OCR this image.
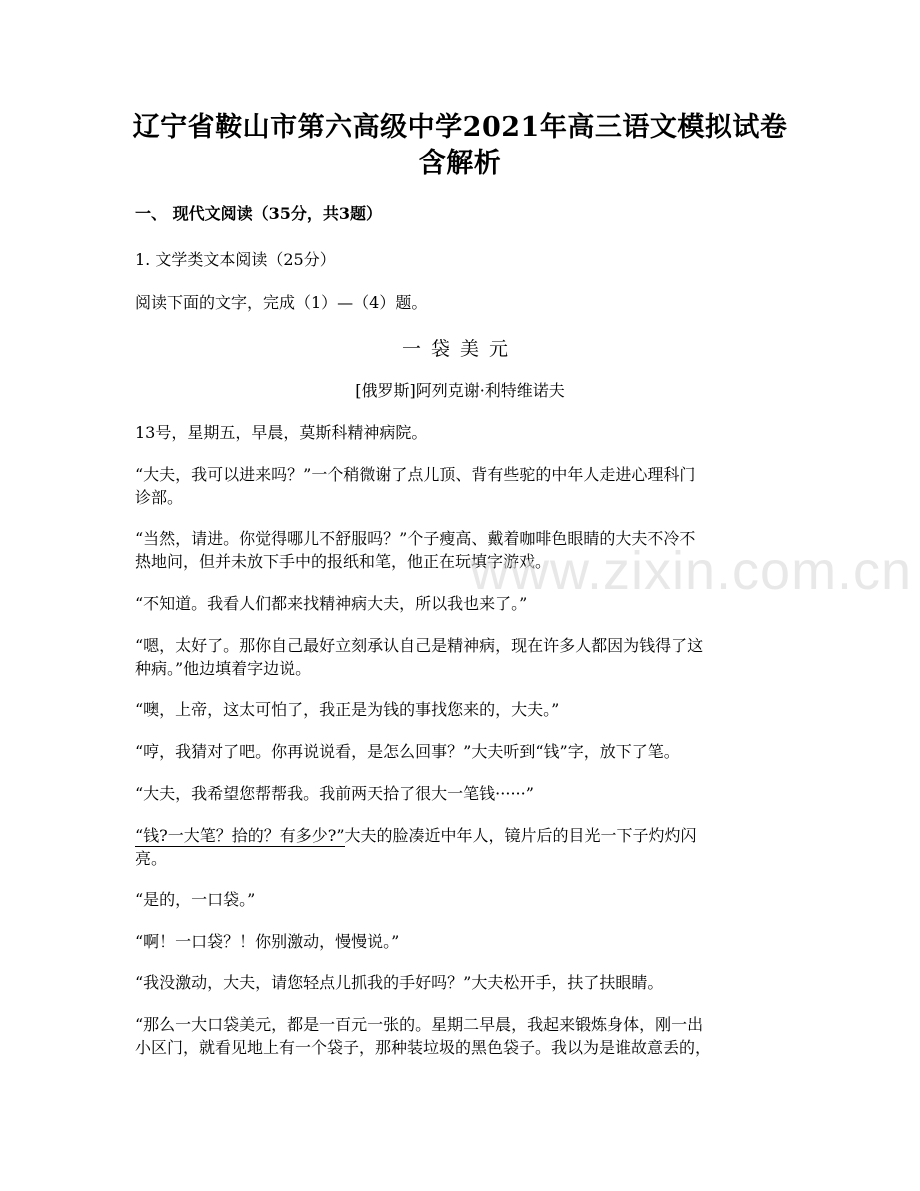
辽宁省鞍山市第六高级中学2021年高三语文模拟试卷
含解析
一、 现代文阅读（35分，共3题）
1. 文学类文本阅读（25分）
阅读下面的文字，完成（1）—（4）题。
一袋美元
[俄罗斯]阿列克谢·利特维诺夫
13号，星期五，早晨，莫斯科精神病院。
“大夫，我可以进来吗？”一个稍微谢了点儿顶、背有些驼的中年人走进心理科门
诊部。
“当然，请进。你觉得哪儿不舒服吗？”个子瘦高、戴着咖啡色眼睛的大夫不冷不
热地问，但并未放下手中的报纸和笔，他正在玩填字游戏。
“不知道。我看人们都来找精神病大夫，所以我也来了。”
“嗯，太好了。那你自己最好立刻承认自己是精神病，现在许多人都因为钱得了这
种病。”他边填着字边说。
“噢，上帝，这太可怕了，我正是为钱的事找您来的，大夫。”
“哼，我猜对了吧。你再说说看，是怎么回事？”大夫听到“钱”字，放下了笔。
“大夫，我希望您帮帮我。我前两天拾了很大一笔钱······”
“钱?一大笔？拾的？有多少?”大夫的脸凑近中年人，镜片后的目光一下子灼灼闪
亮。
“是的，一口袋。”
“啊！一口袋？！你别激动，慢慢说。”
“我没激动，大夫，请您轻点儿抓我的手好吗？”大夫松开手，扶了扶眼睛。
“那么一大口袋美元，都是一百元一张的。星期二早晨，我起来锻炼身体，刚一出
小区门，就看见地上有一个袋子，那种装垃圾的黑色袋子。我以为是谁故意丢的，
www.zixin.com.cn
